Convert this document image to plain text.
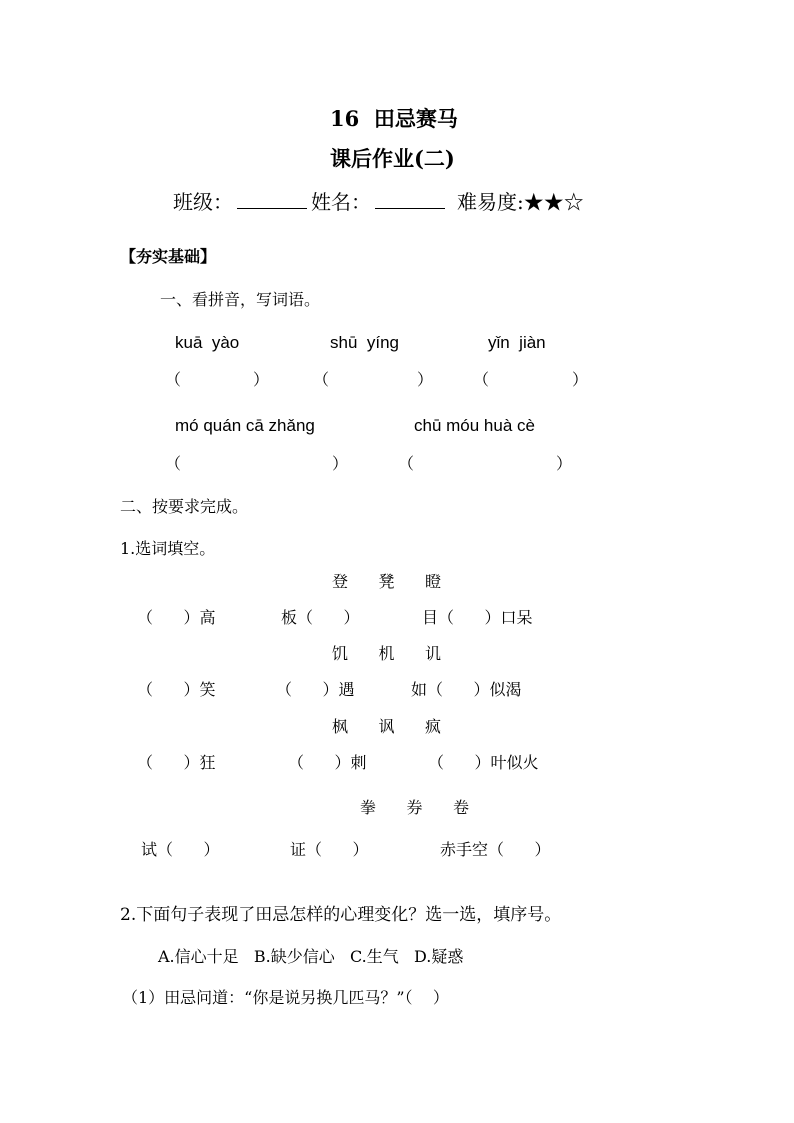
16  田忌赛马
课后作业(二)
班级：	姓名：	难易度:★★☆
【夯实基础】
一、看拼音，写词语。
kuā  yào	shū  yíng	yǐn  jiàn
（	）	（	） （	）
mó quán cā zhǎng	chū móu huà cè
（	）	（	）
二、按要求完成。
1.选词填空。
登      凳      瞪
（      ）高	板（      ）	目（      ）口呆
饥      机      讥
（      ）笑	（      ）遇	如（      ）似渴
枫      讽      疯
（      ）狂	（      ）刺	（      ）叶似火
拳      券      卷
试（      ）	证（      ）	赤手空（      ）
2.下面句子表现了田忌怎样的心理变化？选一选，填序号。
A.信心十足   B.缺少信心   C.生气   D.疑惑
（1）田忌问道：“你是说另换几匹马？”（    ）
